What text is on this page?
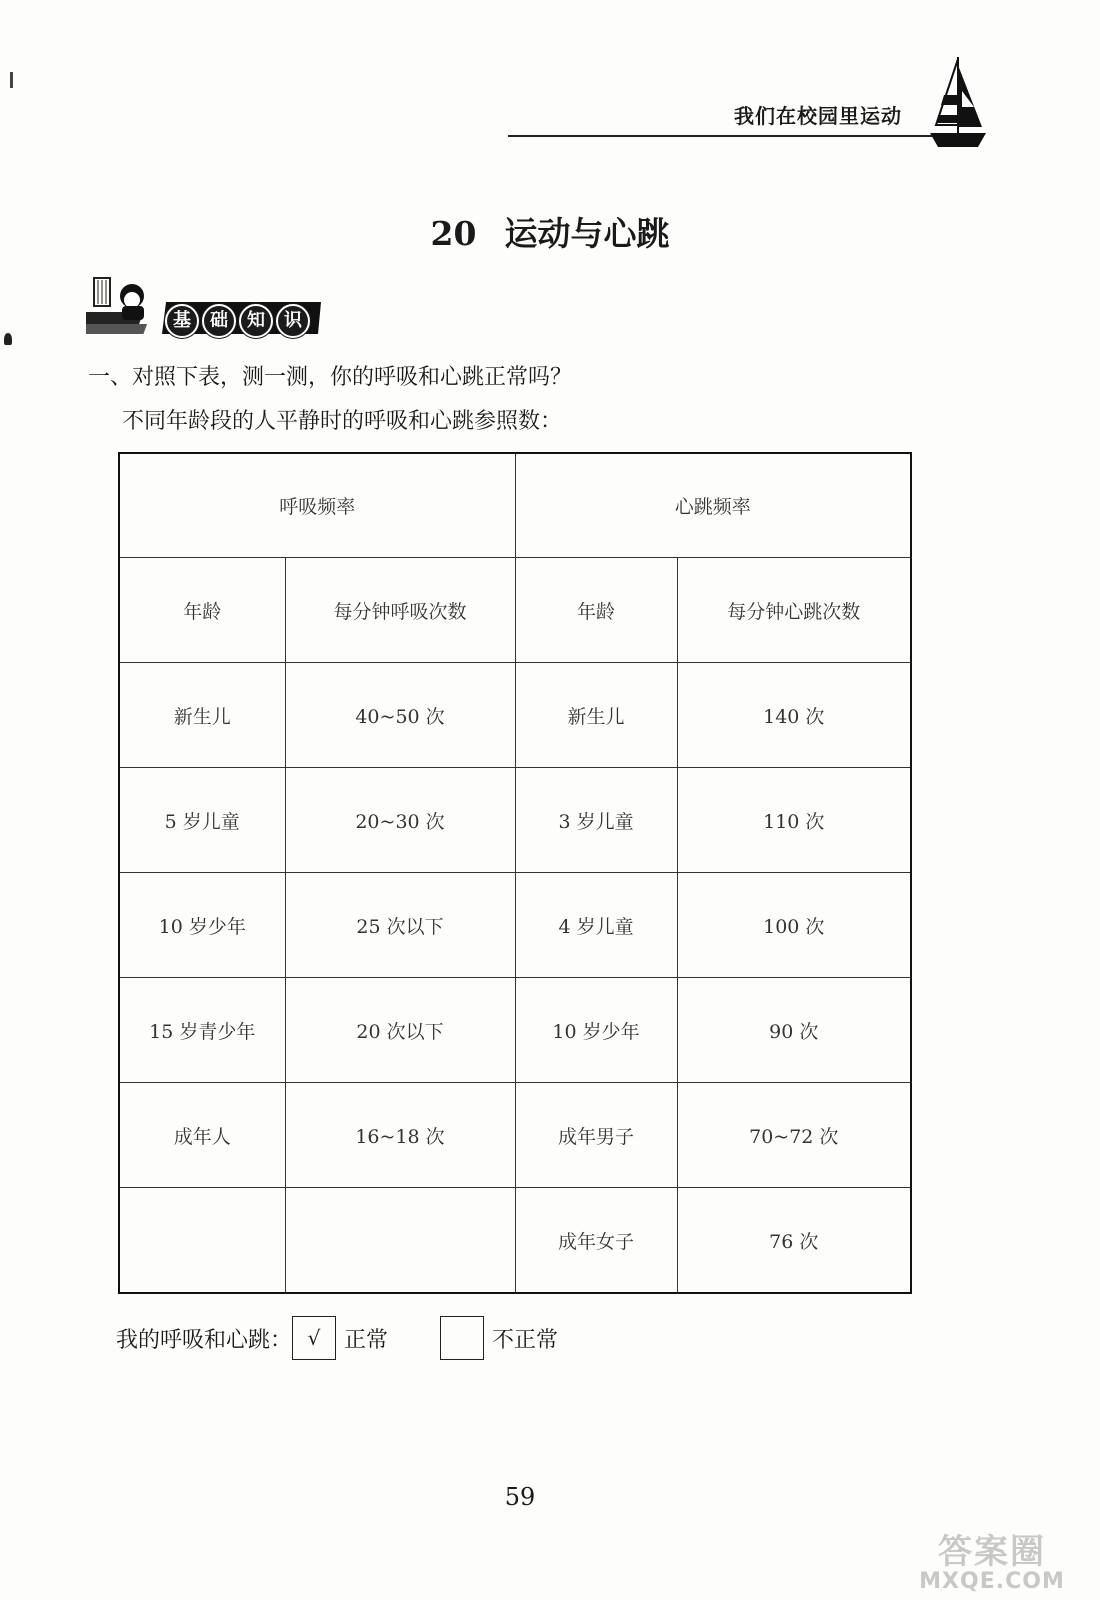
我们在校园里运动
20 运动与心跳
基	础	知	识
一、对照下表，测一测，你的呼吸和心跳正常吗？
不同年龄段的人平静时的呼吸和心跳参照数：
呼吸频率		心跳频率	
年龄	每分钟呼吸次数	年龄	每分钟心跳次数
新生儿	40~50 次	新生儿	140 次
5 岁儿童	20~30 次	3 岁儿童	110 次
10 岁少年	25 次以下	4 岁儿童	100 次
15 岁青少年	20 次以下	10 岁少年	90 次
成年人	16~18 次	成年男子	70~72 次
		成年女子	76 次
我的呼吸和心跳： √	正常	不正常
59
答案圈
MXQE.COM
